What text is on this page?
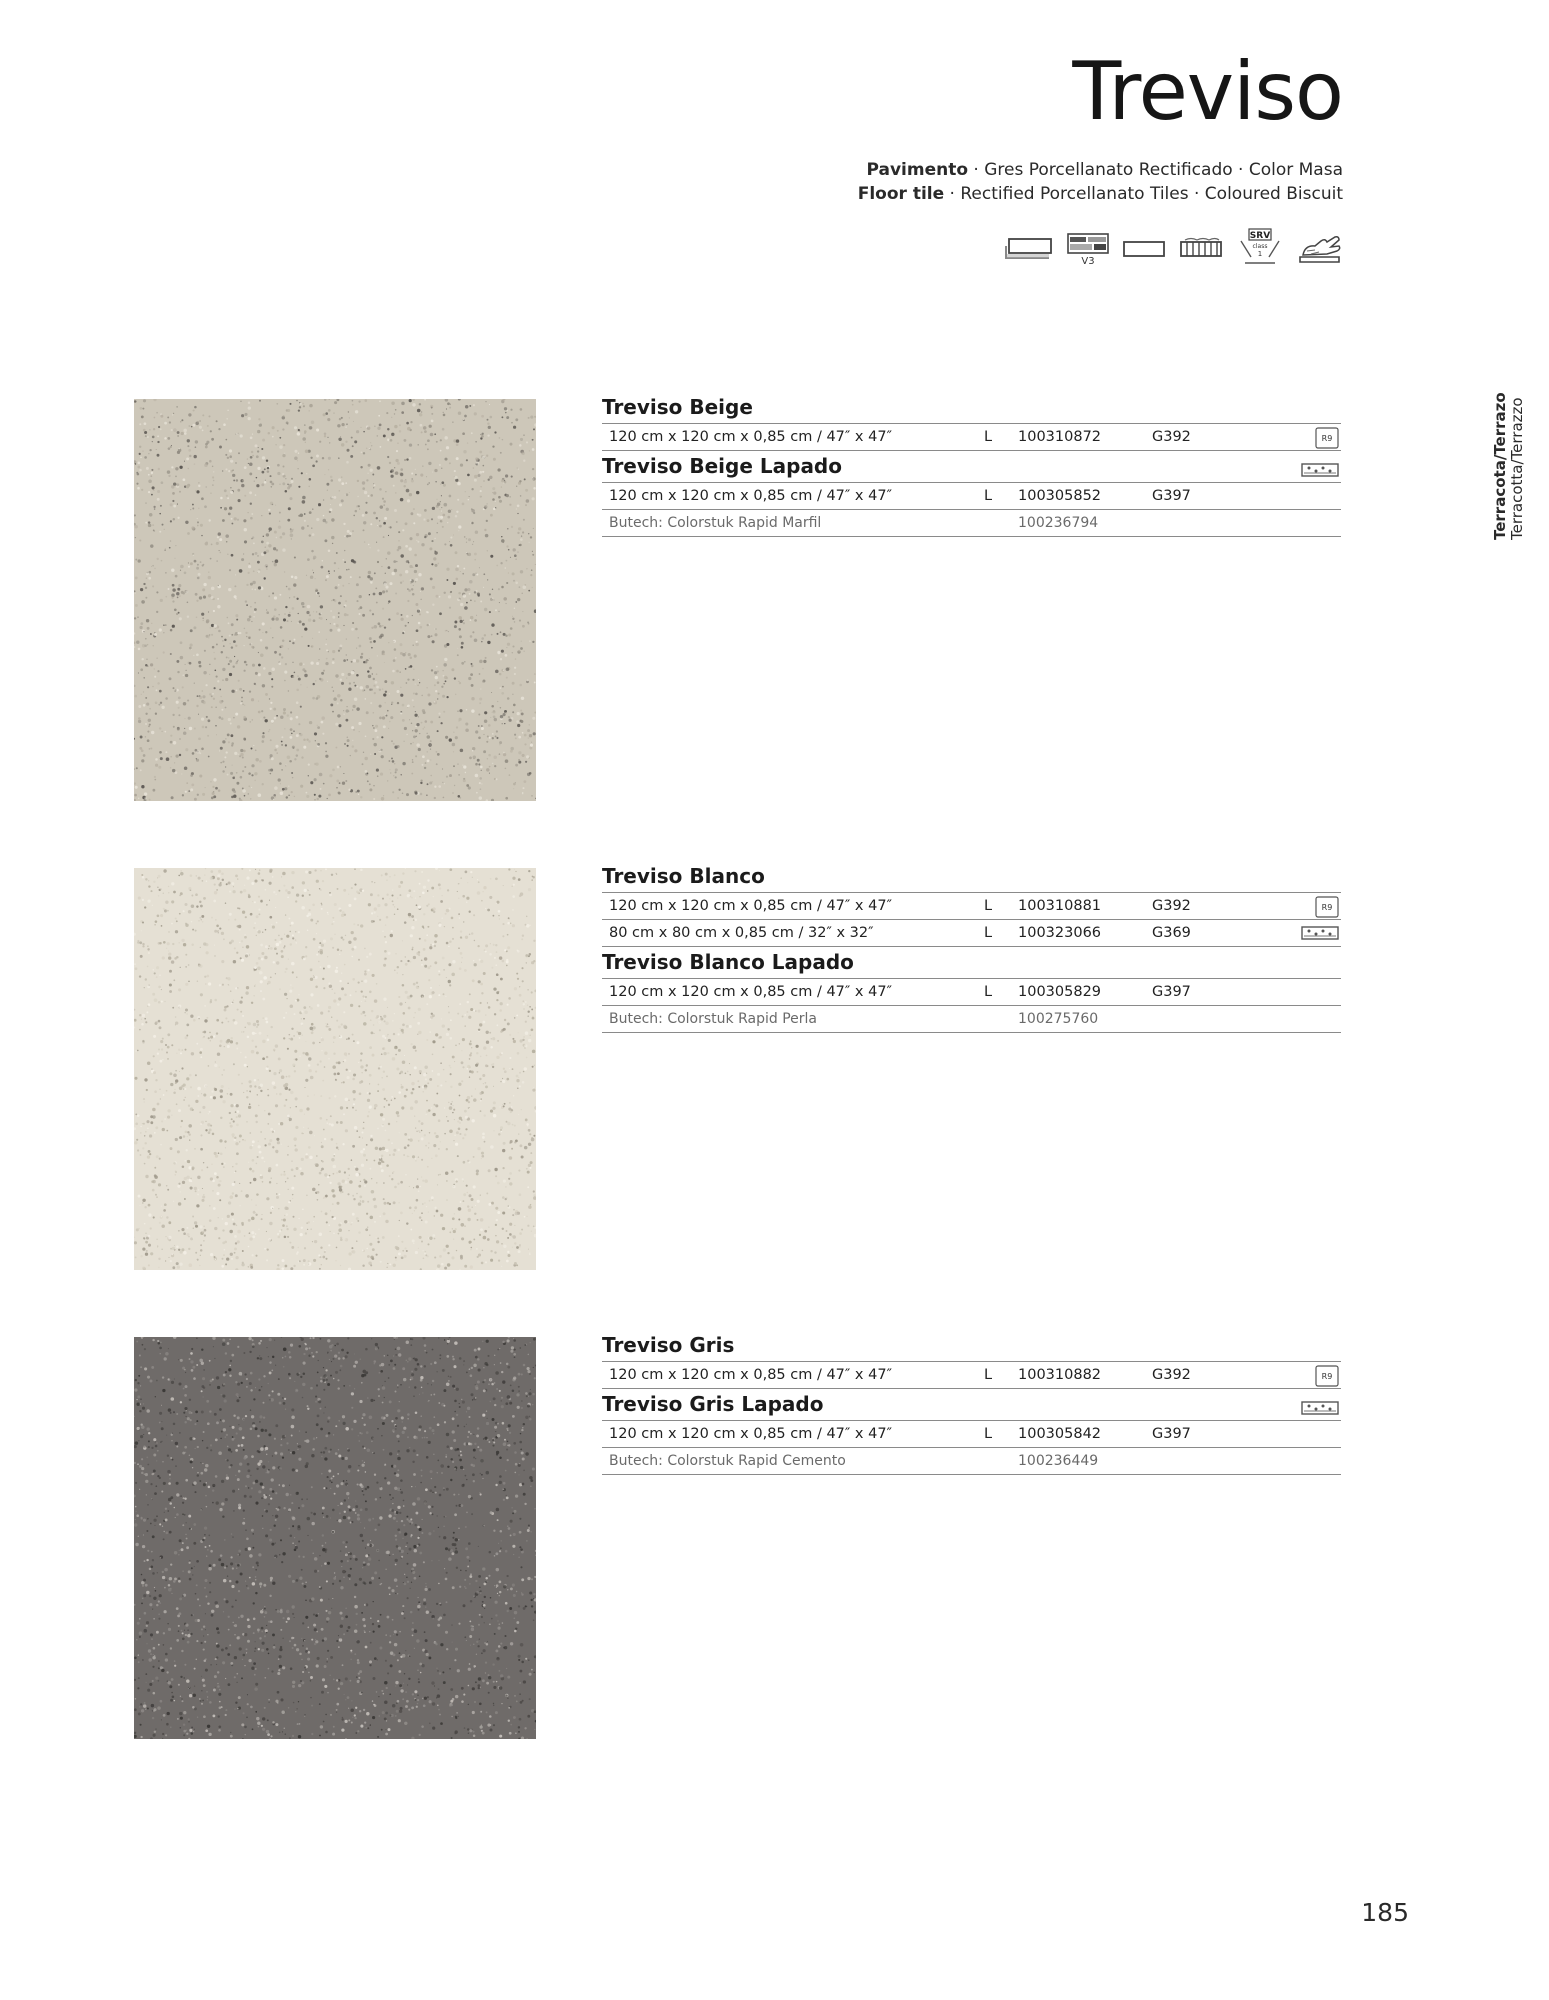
Treviso
Pavimento · Gres Porcellanato Rectificado · Color Masa
Floor tile · Rectified Porcellanato Tiles · Coloured Biscuit
V3
SRV
class
1
Terracota/Terrazo Terracotta/Terrazzo
Treviso Beige
120 cm x 120 cm x 0,85 cm / 47″ x 47″	L	100310872	G392	R9
Treviso Beige Lapado
120 cm x 120 cm x 0,85 cm / 47″ x 47″	L	100305852	G397
Butech: Colorstuk Rapid Marfil	100236794
Treviso Blanco
120 cm x 120 cm x 0,85 cm / 47″ x 47″	L	100310881	G392	R9
80 cm x 80 cm x 0,85 cm / 32″ x 32″	L	100323066	G369
Treviso Blanco Lapado
120 cm x 120 cm x 0,85 cm / 47″ x 47″	L	100305829	G397
Butech: Colorstuk Rapid Perla	100275760
Treviso Gris
120 cm x 120 cm x 0,85 cm / 47″ x 47″	L	100310882	G392	R9
Treviso Gris Lapado
120 cm x 120 cm x 0,85 cm / 47″ x 47″	L	100305842	G397
Butech: Colorstuk Rapid Cemento	100236449
185
